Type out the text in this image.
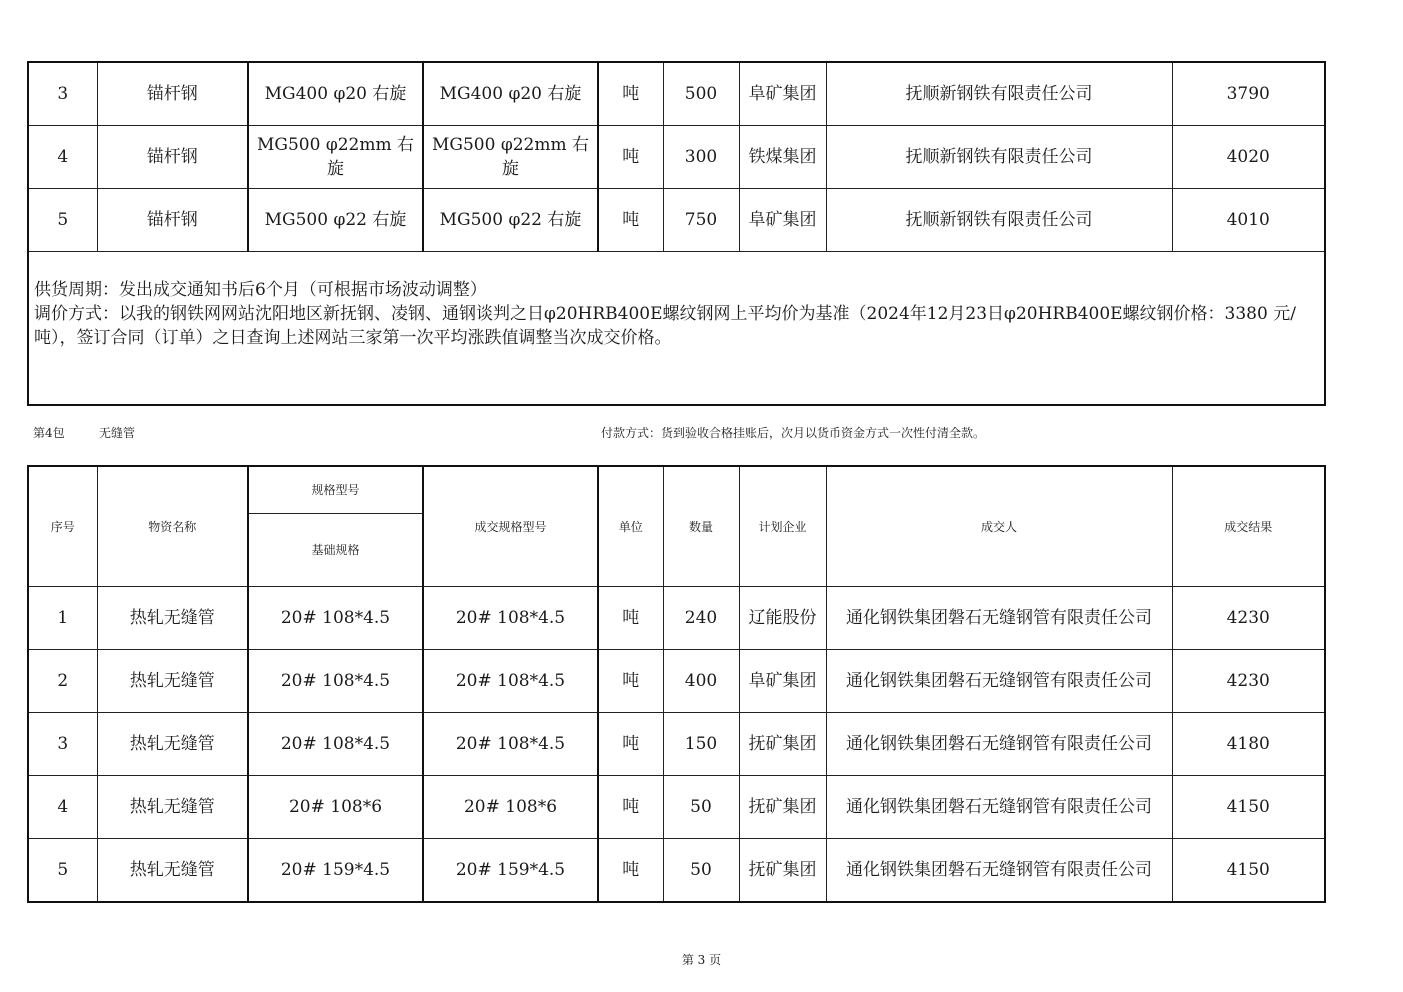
3	锚杆钢	MG400 φ20 右旋	MG400 φ20 右旋	吨	500	阜矿集团	抚顺新钢铁有限责任公司	3790
4	锚杆钢	MG500 φ22mm 右旋	MG500 φ22mm 右旋	吨	300	铁煤集团	抚顺新钢铁有限责任公司	4020
5	锚杆钢	MG500 φ22 右旋	MG500 φ22 右旋	吨	750	阜矿集团	抚顺新钢铁有限责任公司	4010

供货周期：发出成交通知书后6个月（可根据市场波动调整）
调价方式：以我的钢铁网网站沈阳地区新抚钢、凌钢、通钢谈判之日φ20HRB400E螺纹钢网上平均价为基准（2024年12月23日φ20HRB400E螺纹钢价格：3380 元/吨），签订合同（订单）之日查询上述网站三家第一次平均涨跌值调整当次成交价格。								
第4包	无缝管	付款方式：货到验收合格挂账后，次月以货币资金方式一次性付清全款。
序号	物资名称	规格型号	成交规格型号	单位	数量	计划企业	成交人	成交结果
		基础规格						
1	热轧无缝管	20# 108*4.5	20# 108*4.5	吨	240	辽能股份	通化钢铁集团磐石无缝钢管有限责任公司	4230
2	热轧无缝管	20# 108*4.5	20# 108*4.5	吨	400	阜矿集团	通化钢铁集团磐石无缝钢管有限责任公司	4230
3	热轧无缝管	20# 108*4.5	20# 108*4.5	吨	150	抚矿集团	通化钢铁集团磐石无缝钢管有限责任公司	4180
4	热轧无缝管	20# 108*6	20# 108*6	吨	50	抚矿集团	通化钢铁集团磐石无缝钢管有限责任公司	4150
5	热轧无缝管	20# 159*4.5	20# 159*4.5	吨	50	抚矿集团	通化钢铁集团磐石无缝钢管有限责任公司	4150
第 3 页
